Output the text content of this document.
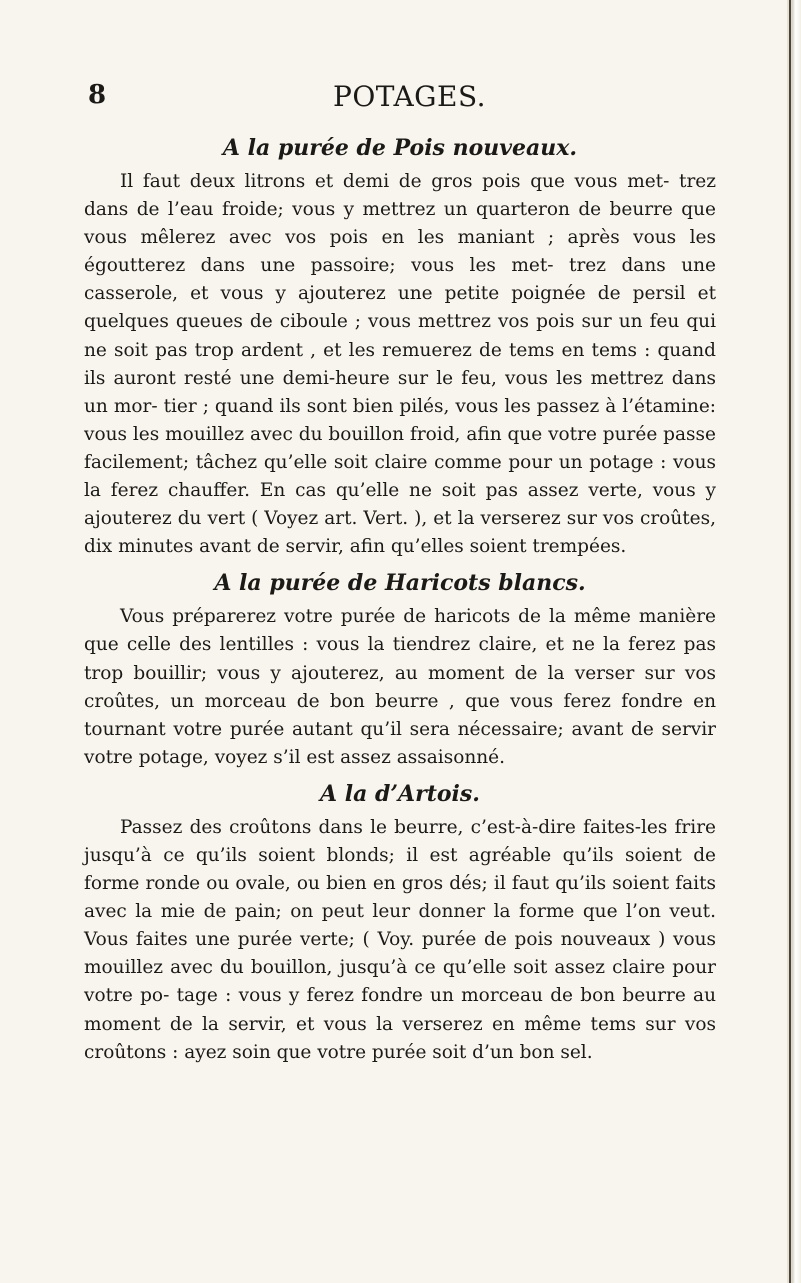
8	POTAGES.
A la purée de Pois nouveaux.

Il faut deux litrons et demi de gros pois que vous met- trez dans de l’eau froide; vous y mettrez un quarteron de beurre que vous mêlerez avec vos pois en les maniant ; après vous les égoutterez dans une passoire; vous les met- trez dans une casserole, et vous y ajouterez une petite poignée de persil et quelques queues de ciboule ; vous mettrez vos pois sur un feu qui ne soit pas trop ardent , et les remuerez de tems en tems : quand ils auront resté une demi-heure sur le feu, vous les mettrez dans un mor- tier ; quand ils sont bien pilés, vous les passez à l’étamine: vous les mouillez avec du bouillon froid, afin que votre purée passe facilement; tâchez qu’elle soit claire comme pour un potage : vous la ferez chauffer. En cas qu’elle ne soit pas assez verte, vous y ajouterez du vert ( Voyez art. Vert. ), et la verserez sur vos croûtes, dix minutes avant de servir, afin qu’elles soient trempées.

A la purée de Haricots blancs.

Vous préparerez votre purée de haricots de la même manière que celle des lentilles : vous la tiendrez claire, et ne la ferez pas trop bouillir; vous y ajouterez, au moment de la verser sur vos croûtes, un morceau de bon beurre , que vous ferez fondre en tournant votre purée autant qu’il sera nécessaire; avant de servir votre potage, voyez s’il est assez assaisonné.

A la d’Artois.

Passez des croûtons dans le beurre, c’est-à-dire faites-les frire jusqu’à ce qu’ils soient blonds; il est agréable qu’ils soient de forme ronde ou ovale, ou bien en gros dés; il faut qu’ils soient faits avec la mie de pain; on peut leur donner la forme que l’on veut. Vous faites une purée verte; ( Voy. purée de pois nouveaux ) vous mouillez avec du bouillon, jusqu’à ce qu’elle soit assez claire pour votre po- tage : vous y ferez fondre un morceau de bon beurre au moment de la servir, et vous la verserez en même tems sur vos croûtons : ayez soin que votre purée soit d’un bon sel.
